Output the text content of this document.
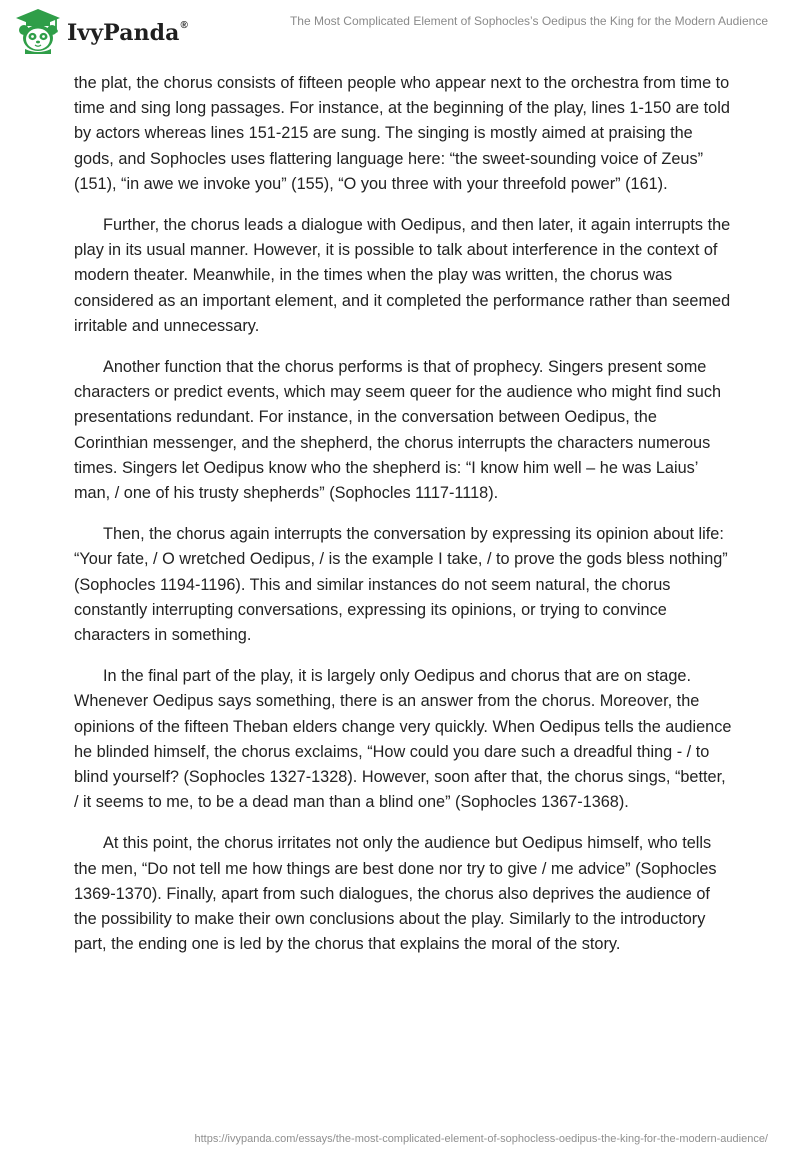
IvyPanda®	The Most Complicated Element of Sophocles’s Oedipus the King for the Modern Audience

the plat, the chorus consists of fifteen people who appear next to the orchestra from time to time and sing long passages. For instance, at the beginning of the play, lines 1-150 are told by actors whereas lines 151-215 are sung. The singing is mostly aimed at praising the gods, and Sophocles uses flattering language here: “the sweet-sounding voice of Zeus” (151), “in awe we invoke you” (155), “O you three with your threefold power” (161).

Further, the chorus leads a dialogue with Oedipus, and then later, it again interrupts the play in its usual manner. However, it is possible to talk about interference in the context of modern theater. Meanwhile, in the times when the play was written, the chorus was considered as an important element, and it completed the performance rather than seemed irritable and unnecessary.

Another function that the chorus performs is that of prophecy. Singers present some characters or predict events, which may seem queer for the audience who might find such presentations redundant. For instance, in the conversation between Oedipus, the Corinthian messenger, and the shepherd, the chorus interrupts the characters numerous times. Singers let Oedipus know who the shepherd is: “I know him well – he was Laius’ man, / one of his trusty shepherds” (Sophocles 1117-1118).

Then, the chorus again interrupts the conversation by expressing its opinion about life: “Your fate, / O wretched Oedipus, / is the example I take, / to prove the gods bless nothing” (Sophocles 1194-1196). This and similar instances do not seem natural, the chorus constantly interrupting conversations, expressing its opinions, or trying to convince characters in something.

In the final part of the play, it is largely only Oedipus and chorus that are on stage. Whenever Oedipus says something, there is an answer from the chorus. Moreover, the opinions of the fifteen Theban elders change very quickly. When Oedipus tells the audience he blinded himself, the chorus exclaims, “How could you dare such a dreadful thing - / to blind yourself? (Sophocles 1327-1328). However, soon after that, the chorus sings, “better, / it seems to me, to be a dead man than a blind one” (Sophocles 1367-1368).

At this point, the chorus irritates not only the audience but Oedipus himself, who tells the men, “Do not tell me how things are best done nor try to give / me advice” (Sophocles 1369-1370). Finally, apart from such dialogues, the chorus also deprives the audience of the possibility to make their own conclusions about the play. Similarly to the introductory part, the ending one is led by the chorus that explains the moral of the story.

https://ivypanda.com/essays/the-most-complicated-element-of-sophocless-oedipus-the-king-for-the-modern-audience/
